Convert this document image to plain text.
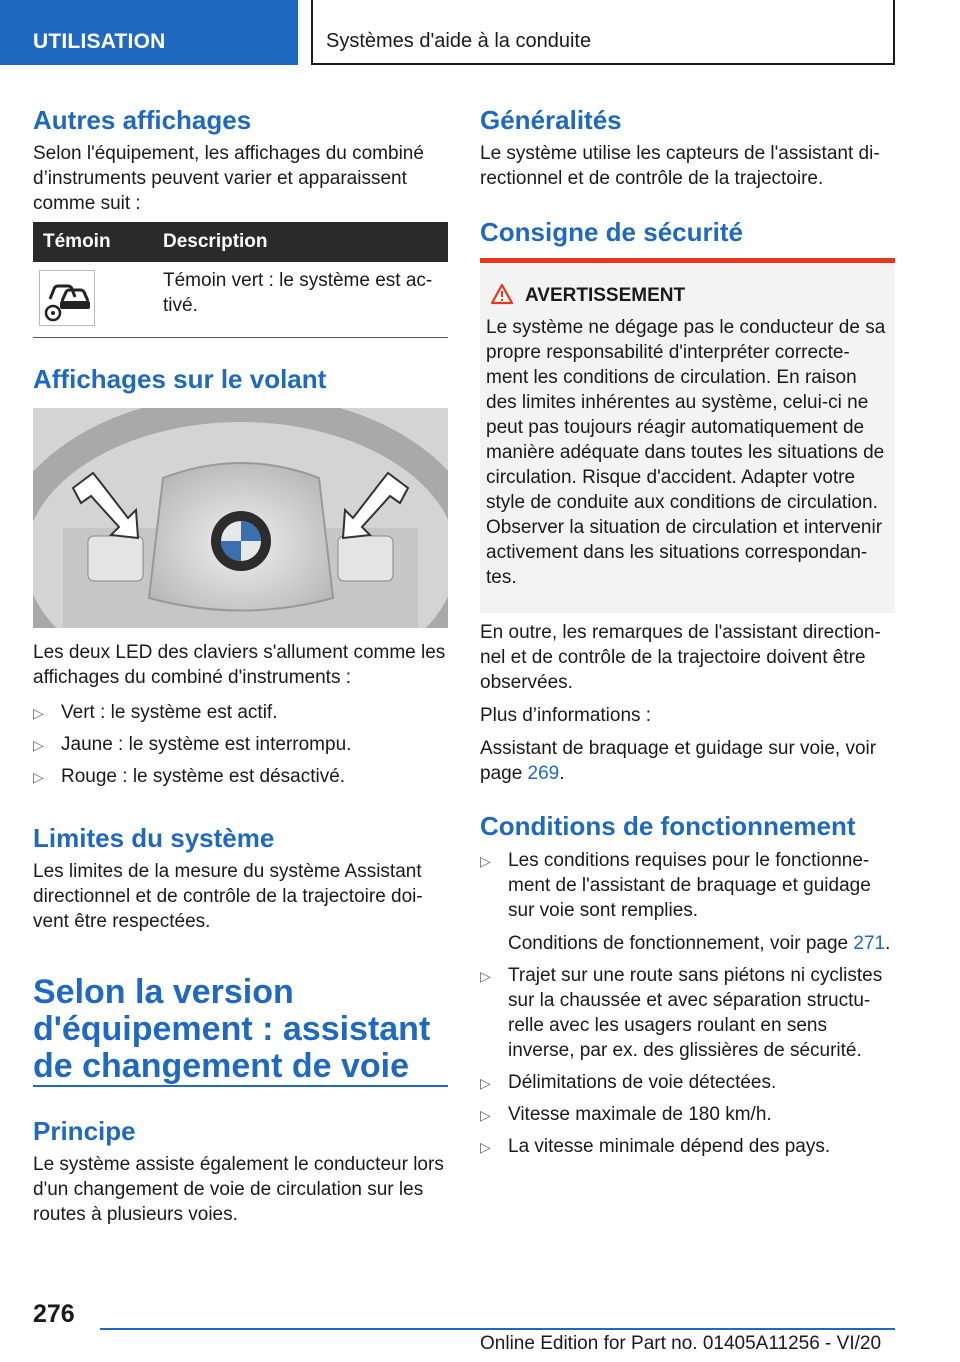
UTILISATION	Systèmes d'aide à la conduite
Autres affichages

Selon l'équipement, les affichages du combiné d’instruments peuvent varier et apparaissent comme suit :

Témoin	Description

Témoin vert : le système est ac- tivé.

Affichages sur le volant

Les deux LED des claviers s'allument comme les affichages du combiné d'instruments :

▷ Vert : le système est actif.
▷ Jaune : le système est interrompu.
▷ Rouge : le système est désactivé.
Limites du système

Les limites de la mesure du système Assistant directionnel et de contrôle de la trajectoire doi- vent être respectées.

Selon la version d'équipement : assistant de changement de voie
Principe

Le système assiste également le conducteur lors d'un changement de voie de circulation sur les routes à plusieurs voies.

Généralités

Le système utilise les capteurs de l'assistant di- rectionnel et de contrôle de la trajectoire.

Consigne de sécurité
AVERTISSEMENT

Le système ne dégage pas le conducteur de sa propre responsabilité d'interpréter correcte- ment les conditions de circulation. En raison des limites inhérentes au système, celui-ci ne peut pas toujours réagir automatiquement de manière adéquate dans toutes les situations de circulation. Risque d'accident. Adapter votre style de conduite aux conditions de circulation. Observer la situation de circulation et intervenir activement dans les situations correspondan- tes.

En outre, les remarques de l'assistant direction- nel et de contrôle de la trajectoire doivent être observées.

Plus d’informations :

Assistant de braquage et guidage sur voie, voir page 269.

Conditions de fonctionnement
▷ Les conditions requises pour le fonctionne- ment de l'assistant de braquage et guidage sur voie sont remplies.
Conditions de fonctionnement, voir page 271.
▷ Trajet sur une route sans piétons ni cyclistes sur la chaussée et avec séparation structu- relle avec les usagers roulant en sens inverse, par ex. des glissières de sécurité.
▷ Délimitations de voie détectées.
▷ Vitesse maximale de 180 km/h.
▷ La vitesse minimale dépend des pays.
276
Online Edition for Part no. 01405A11256 - VI/20
